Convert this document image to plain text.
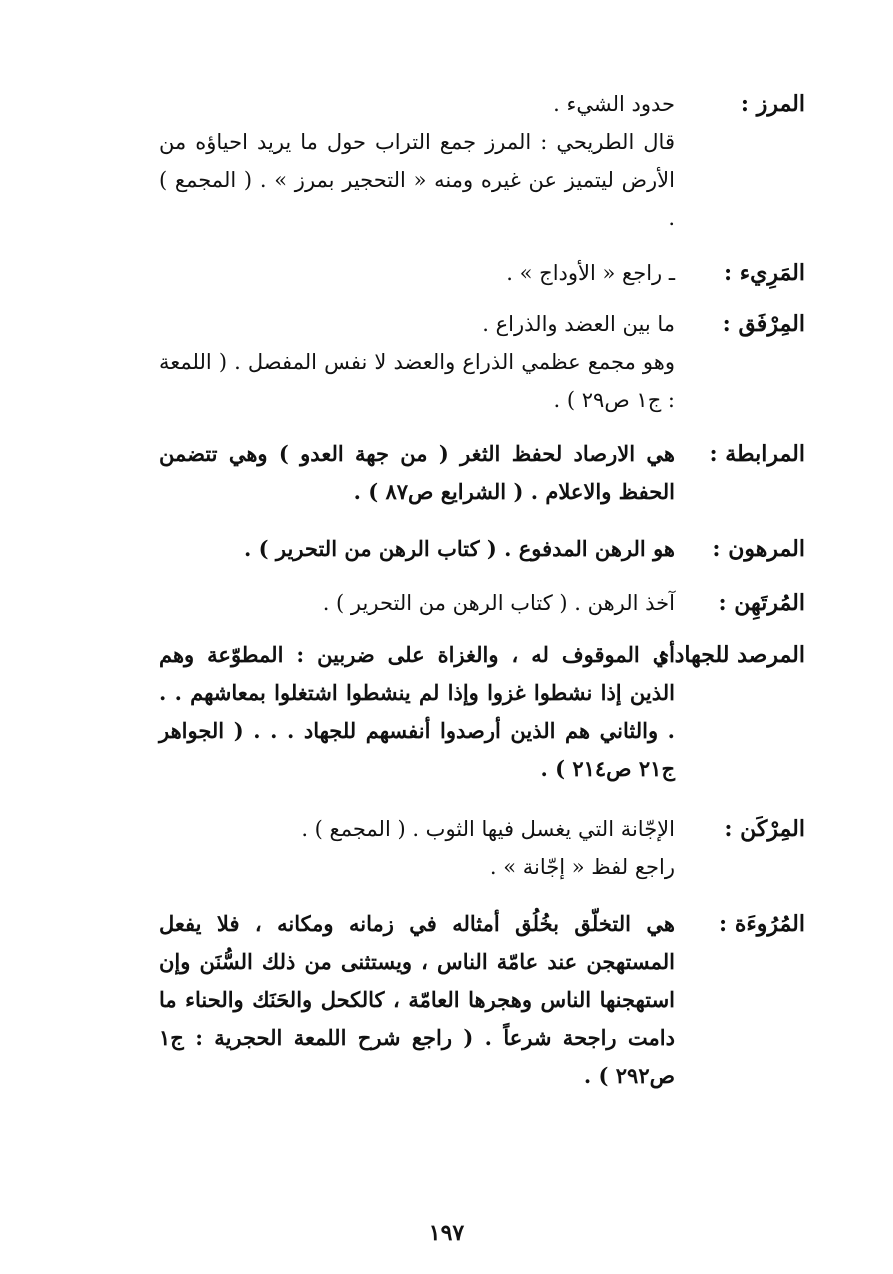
المرز :

حدود الشيء .

قال الطريحي : المرز جمع التراب حول ما يريد احياؤه من الأرض ليتميز عن غيره ومنه « التحجير بمرز » . ( المجمع ) .

المَرِيء :

ـ راجع « الأوداج » .

المِرْفَق :

ما بين العضد والذراع .

وهو مجمع عظمي الذراع والعضد لا نفس المفصل . ( اللمعة : ج١ ص٢٩ ) .

المرابطة :

هي الارصاد لحفظ الثغر ( من جهة العدو ) وهي تتضمن الحفظ والاعلام . ( الشرايع ص٨٧ ) .

المرهون :

هو الرهن المدفوع . ( كتاب الرهن من التحرير ) .

المُرتَهِن :

آخذ الرهن . ( كتاب الرهن من التحرير ) .

المرصد للجهاد :

أي الموقوف له ، والغزاة على ضربين : المطوّعة وهم الذين إذا نشطوا غزوا وإذا لم ينشطوا اشتغلوا بمعاشهم . . . والثاني هم الذين أرصدوا أنفسهم للجهاد . . . ( الجواهر ج٢١ ص٢١٤ ) .

المِرْكَن :

الإجّانة التي يغسل فيها الثوب . ( المجمع ) .

راجع لفظ « إجّانة » .

المُرُوءَة :

هي التخلّق بخُلُق أمثاله في زمانه ومكانه ، فلا يفعل المستهجن عند عامّة الناس ، ويستثنى من ذلك السُّنَن وإن استهجنها الناس وهجرها العامّة ، كالكحل والحَنَك والحناء ما دامت راجحة شرعاً . ( راجع شرح اللمعة الحجرية : ج١ ص٢٩٢ ) .

١٩٧
